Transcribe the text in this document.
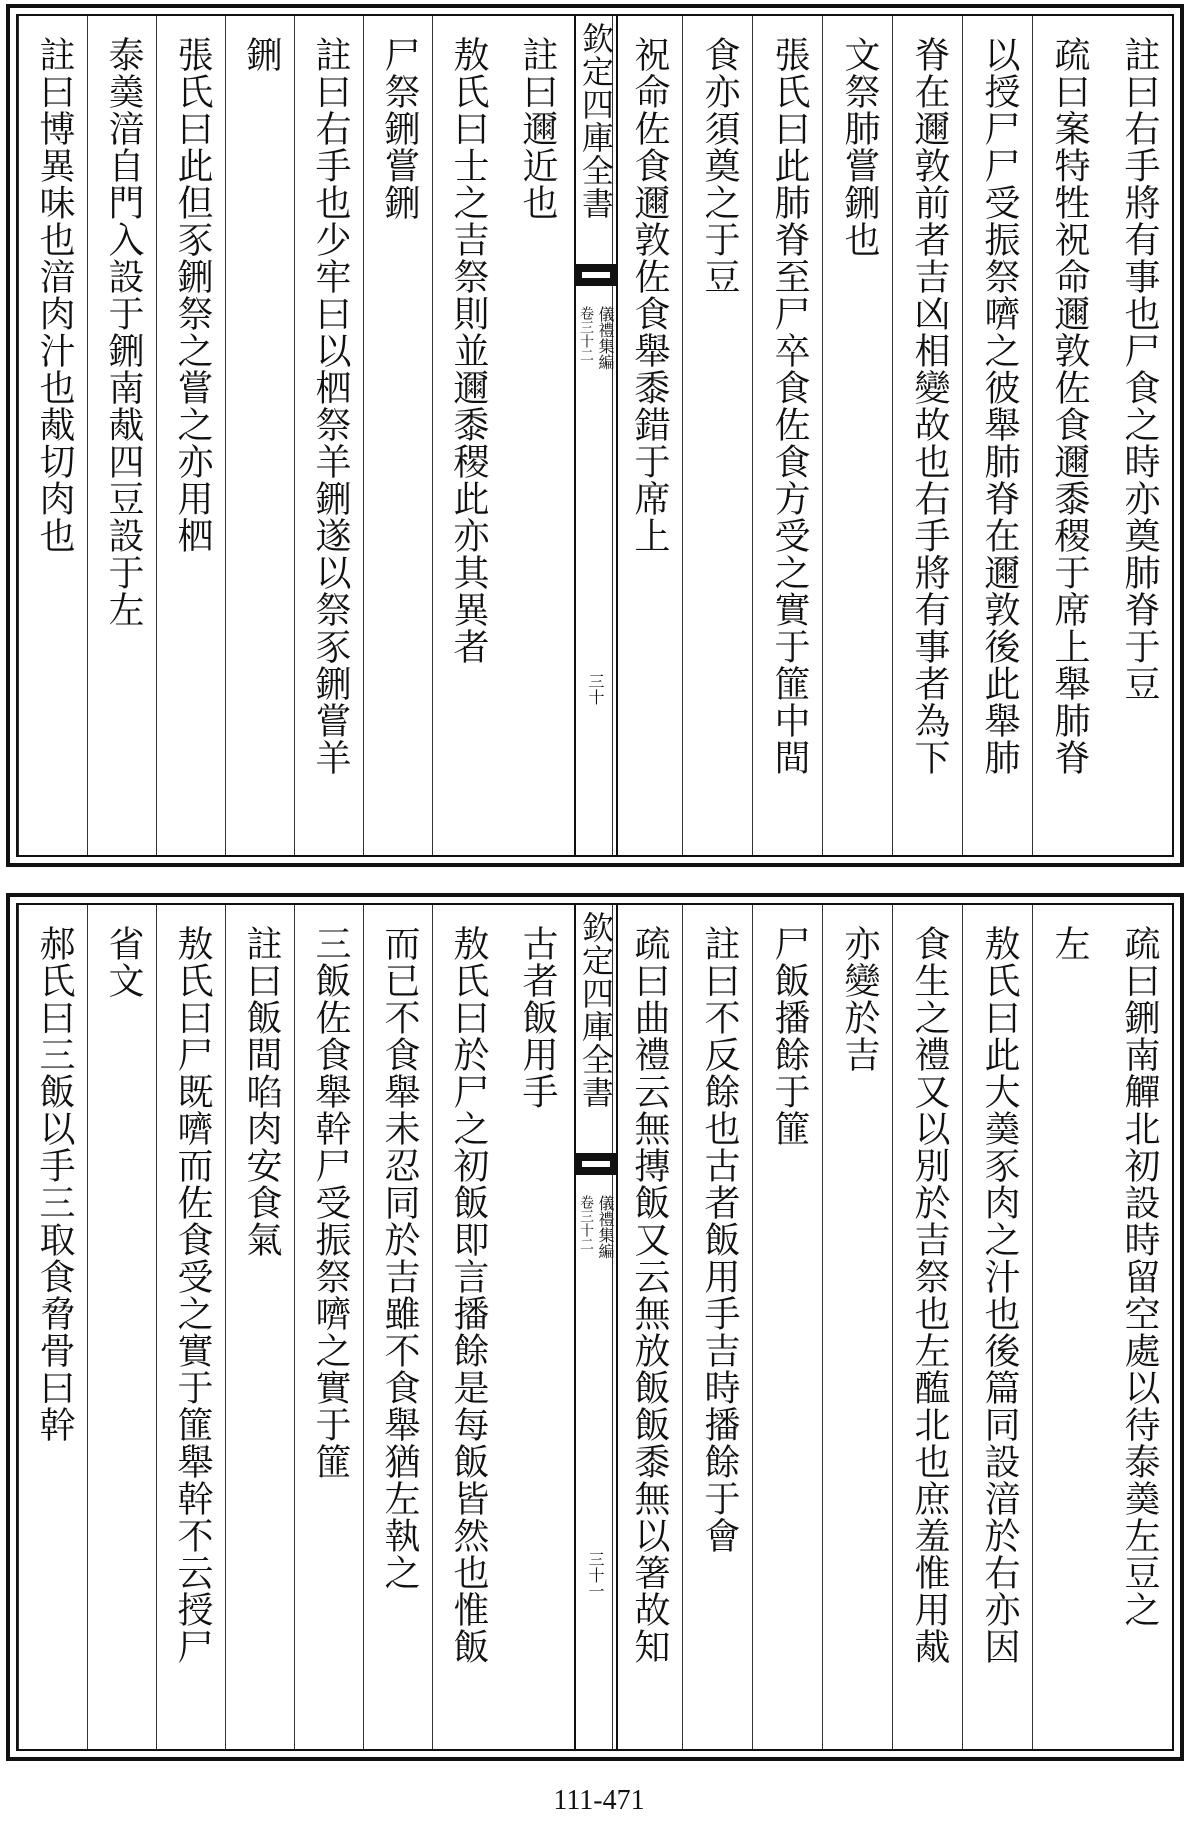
註曰右手將有事也尸食之時亦奠肺脊于豆
疏曰案特牲祝命邇敦佐食邇黍稷于席上舉肺脊
以授尸尸受振祭嚌之彼舉肺脊在邇敦後此舉肺
脊在邇敦前者吉凶相變故也右手將有事者為下
文祭肺嘗鉶也
張氏曰此肺脊至尸卒食佐食方受之實于篚中間
食亦須奠之于豆
祝命佐食邇敦佐食舉黍錯于席上
欽定四庫全書
儀禮集編
卷三十二
三十
註曰邇近也
敖氏曰士之吉祭則並邇黍稷此亦其異者
尸祭鉶嘗鉶
註曰右手也少牢曰以柶祭羊鉶遂以祭豕鉶嘗羊
鉶
張氏曰此但豕鉶祭之嘗之亦用柶
泰羮湆自門入設于鉶南胾四豆設于左
註曰博異味也湆肉汁也胾切肉也
疏曰鉶南觶北初設時留空處以待泰羮左豆之
左
敖氏曰此大羮豕肉之汁也後篇同設湆於右亦因
食生之禮又以別於吉祭也左醢北也庶羞惟用胾
亦變於吉
尸飯播餘于篚
註曰不反餘也古者飯用手吉時播餘于會
疏曰曲禮云無摶飯又云無放飯飯黍無以箸故知
欽定四庫全書
儀禮集編
卷三十二
三十一
古者飯用手
敖氏曰於尸之初飯即言播餘是每飯皆然也惟飯
而已不食舉未忍同於吉雖不食舉猶左執之
三飯佐食舉幹尸受振祭嚌之實于篚
註曰飯間啗肉安食氣
敖氏曰尸既嚌而佐食受之實于篚舉幹不云授尸
省文
郝氏曰三飯以手三取食脅骨曰幹
111-471
